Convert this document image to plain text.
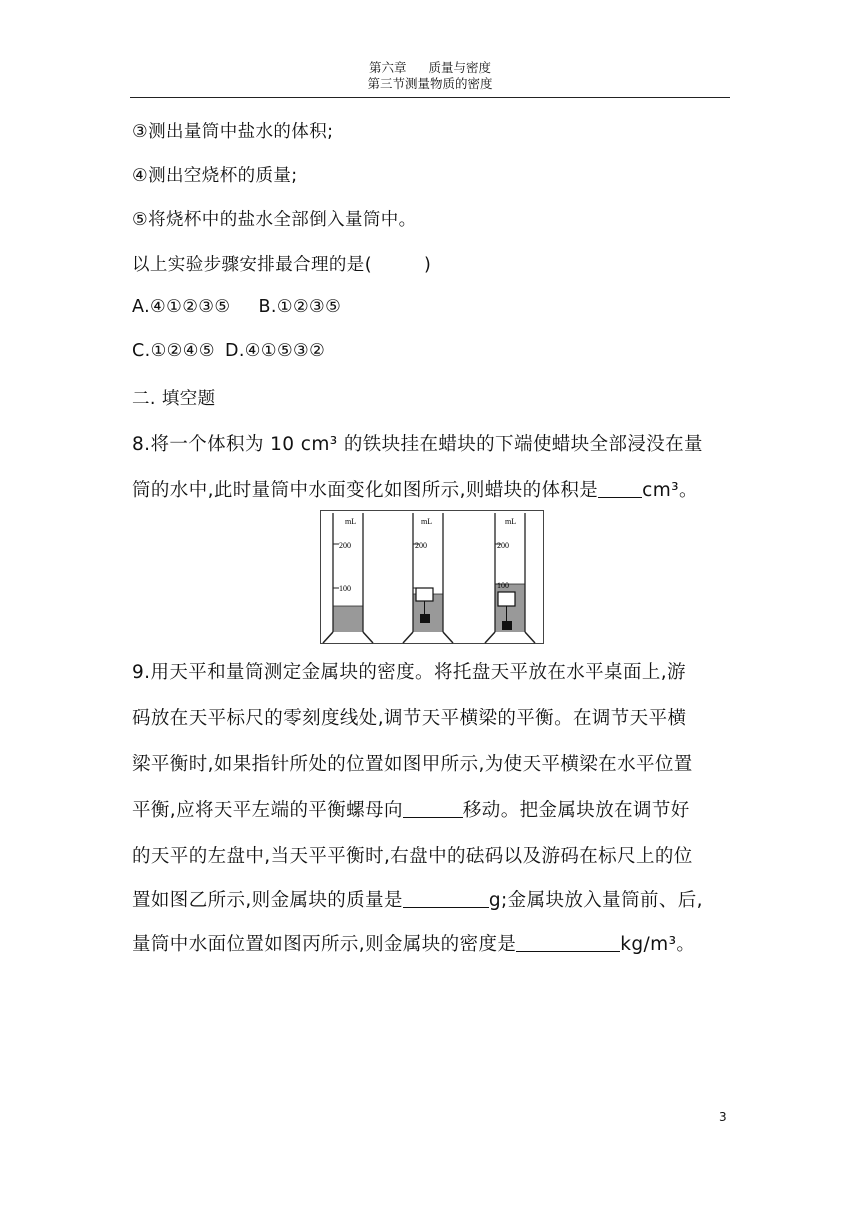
第六章 质量与密度
第三节测量物质的密度
③测出量筒中盐水的体积;
④测出空烧杯的质量;
⑤将烧杯中的盐水全部倒入量筒中。
以上实验步骤安排最合理的是(	)
A.④①②③⑤ B.①②③⑤
C.①②④⑤ D.④①⑤③②
二. 填空题
8.将一个体积为 10 cm³ 的铁块挂在蜡块的下端使蜡块全部浸没在量
筒的水中,此时量筒中水面变化如图所示,则蜡块的体积是 cm³。
mL
200
100
mL
200
mL
200
100
9.用天平和量筒测定金属块的密度。将托盘天平放在水平桌面上,游
码放在天平标尺的零刻度线处,调节天平横梁的平衡。在调节天平横
梁平衡时,如果指针所处的位置如图甲所示,为使天平横梁在水平位置
平衡,应将天平左端的平衡螺母向	移动。把金属块放在调节好
的天平的左盘中,当天平平衡时,右盘中的砝码以及游码在标尺上的位
置如图乙所示,则金属块的质量是	g;金属块放入量筒前、后,
量筒中水面位置如图丙所示,则金属块的密度是	kg/m³。
3
